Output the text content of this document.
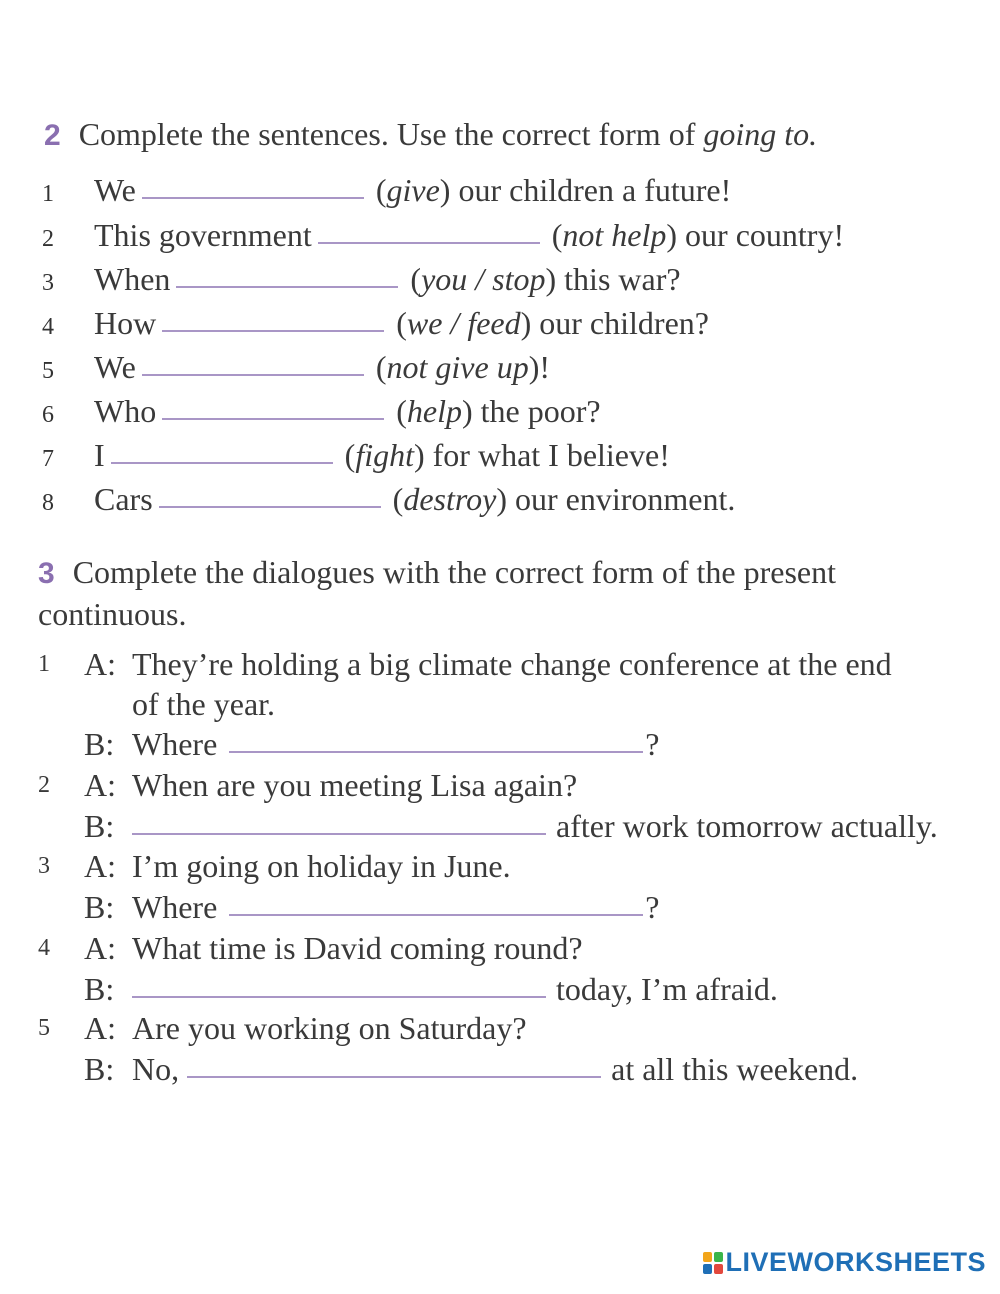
2 Complete the sentences. Use the correct form of going to.
1 We	(give) our children a future!
2 This government	(not help) our country!
3 When	(you / stop) this war?
4 How	(we / feed) our children?
5 We	(not give up)!
6 Who	(help) the poor?
7 I	(fight) for what I believe!
8 Cars	(destroy) our environment.
3 Complete the dialogues with the correct form of the present
continuous.
1	A: They’re holding a big climate change conference at the end
of the year.
B: Where	?
2	A: When are you meeting Lisa again?
B:	after work tomorrow actually.
3	A: I’m going on holiday in June.
B: Where	?
4	A: What time is David coming round?
B:	today, I’m afraid.
5	A: Are you working on Saturday?
B: No,	at all this weekend.
LIVEWORKSHEETS
